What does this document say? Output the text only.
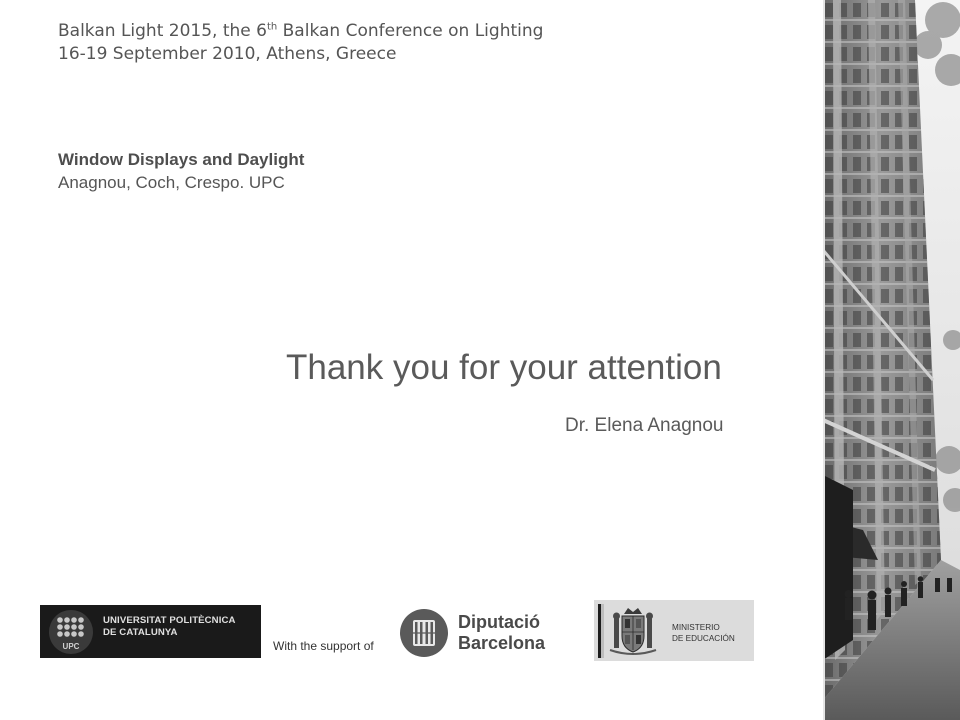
Balkan Light 2015, the 6th Balkan Conference on Lighting
16-19 September 2010, Athens, Greece
Window Displays and Daylight
Anagnou, Coch, Crespo. UPC
Thank you for your attention
Dr. Elena Anagnou
UPC
UNIVERSITAT POLITÈCNICA
DE CATALUNYA
With the support of
Diputació
Barcelona
MINISTERIO
DE EDUCACIÓN
